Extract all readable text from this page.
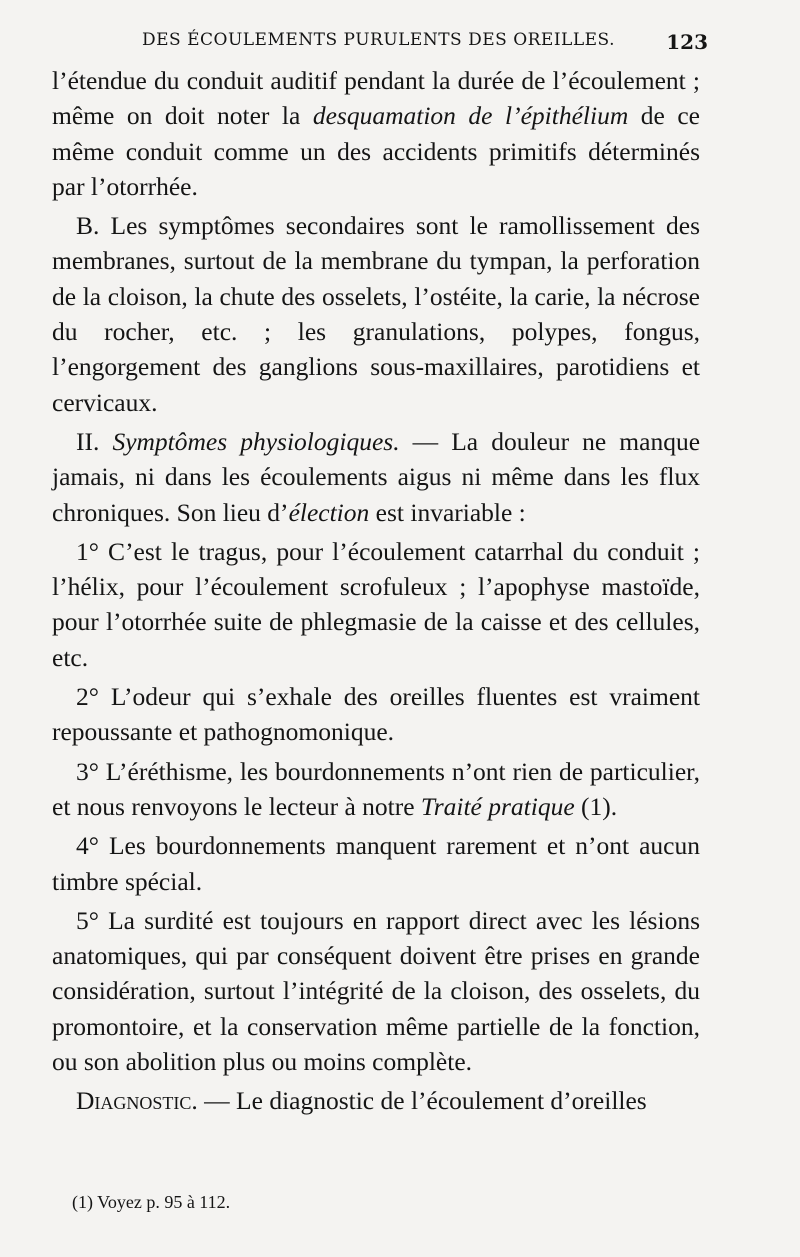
DES ÉCOULEMENTS PURULENTS DES OREILLES.	123

l’étendue du conduit auditif pendant la durée de l’écoulement ; même on doit noter la desquamation de l’épithélium de ce même conduit comme un des accidents primitifs déterminés par l’otorrhée.

B. Les symptômes secondaires sont le ramollissement des membranes, surtout de la membrane du tympan, la perforation de la cloison, la chute des osselets, l’ostéite, la carie, la nécrose du rocher, etc. ; les granulations, polypes, fongus, l’engorgement des ganglions sous-maxillaires, parotidiens et cervicaux.

II. Symptômes physiologiques. — La douleur ne manque jamais, ni dans les écoulements aigus ni même dans les flux chroniques. Son lieu d’élection est invariable :

1° C’est le tragus, pour l’écoulement catarrhal du conduit ; l’hélix, pour l’écoulement scrofuleux ; l’apophyse mastoïde, pour l’otorrhée suite de phlegmasie de la caisse et des cellules, etc.

2° L’odeur qui s’exhale des oreilles fluentes est vraiment repoussante et pathognomonique.

3° L’éréthisme, les bourdonnements n’ont rien de particulier, et nous renvoyons le lecteur à notre Traité pratique (1).

4° Les bourdonnements manquent rarement et n’ont aucun timbre spécial.

5° La surdité est toujours en rapport direct avec les lésions anatomiques, qui par conséquent doivent être prises en grande considération, surtout l’intégrité de la cloison, des osselets, du promontoire, et la conservation même partielle de la fonction, ou son abolition plus ou moins complète.

Diagnostic. — Le diagnostic de l’écoulement d’oreilles

(1) Voyez p. 95 à 112.
